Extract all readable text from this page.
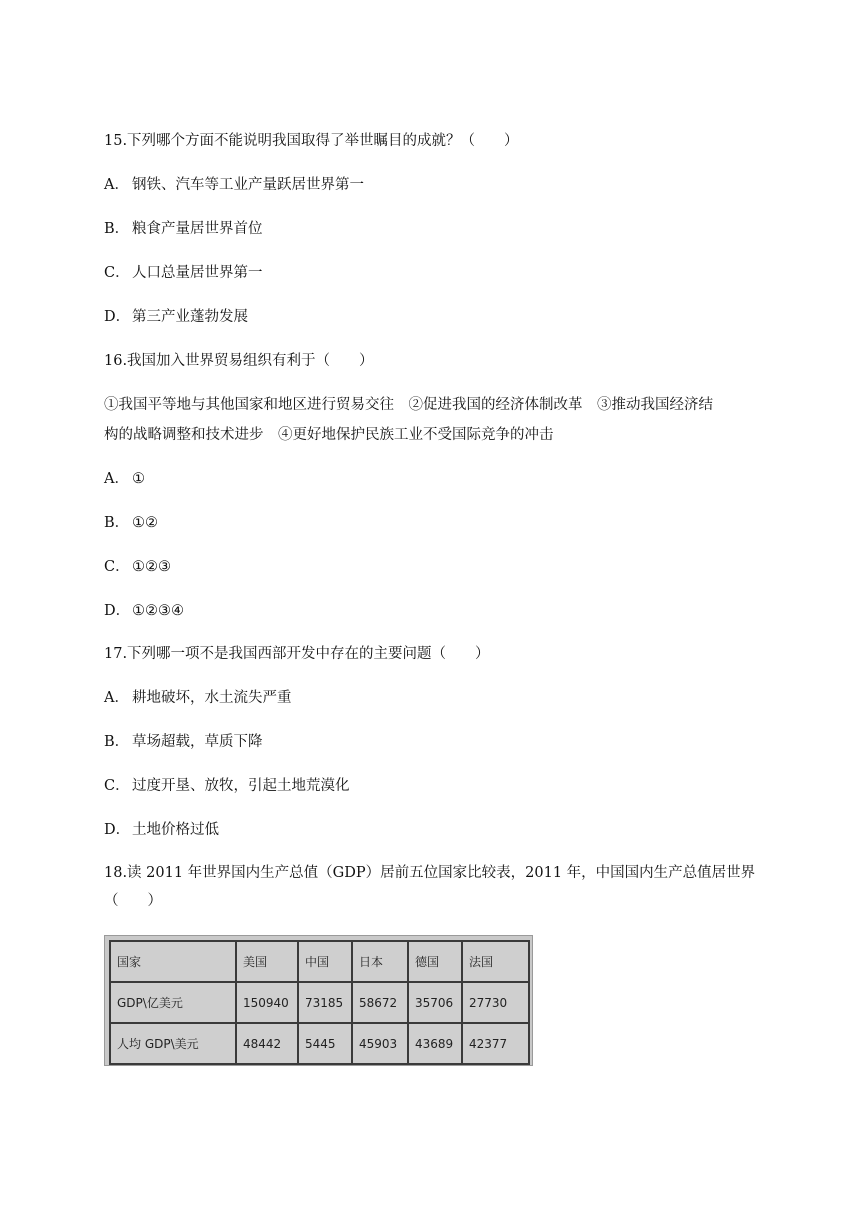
15.下列哪个方面不能说明我国取得了举世瞩目的成就？（　　）
A． 钢铁、汽车等工业产量跃居世界第一
B． 粮食产量居世界首位
C． 人口总量居世界第一
D． 第三产业蓬勃发展
16.我国加入世界贸易组织有利于（　　）
①我国平等地与其他国家和地区进行贸易交往　②促进我国的经济体制改革　③推动我国经济结
构的战略调整和技术进步　④更好地保护民族工业不受国际竞争的冲击
A． ①
B． ①②
C． ①②③
D． ①②③④
17.下列哪一项不是我国西部开发中存在的主要问题（　　）
A． 耕地破坏，水土流失严重
B． 草场超载，草质下降
C． 过度开垦、放牧，引起土地荒漠化
D． 土地价格过低
18.读 2011 年世界国内生产总值（GDP）居前五位国家比较表，2011 年，中国国内生产总值居世界
（　　）
国家	美国	中国	日本	德国	法国
GDP\亿美元	150940	73185	58672	35706	27730
人均 GDP\美元	48442	5445	45903	43689	42377
